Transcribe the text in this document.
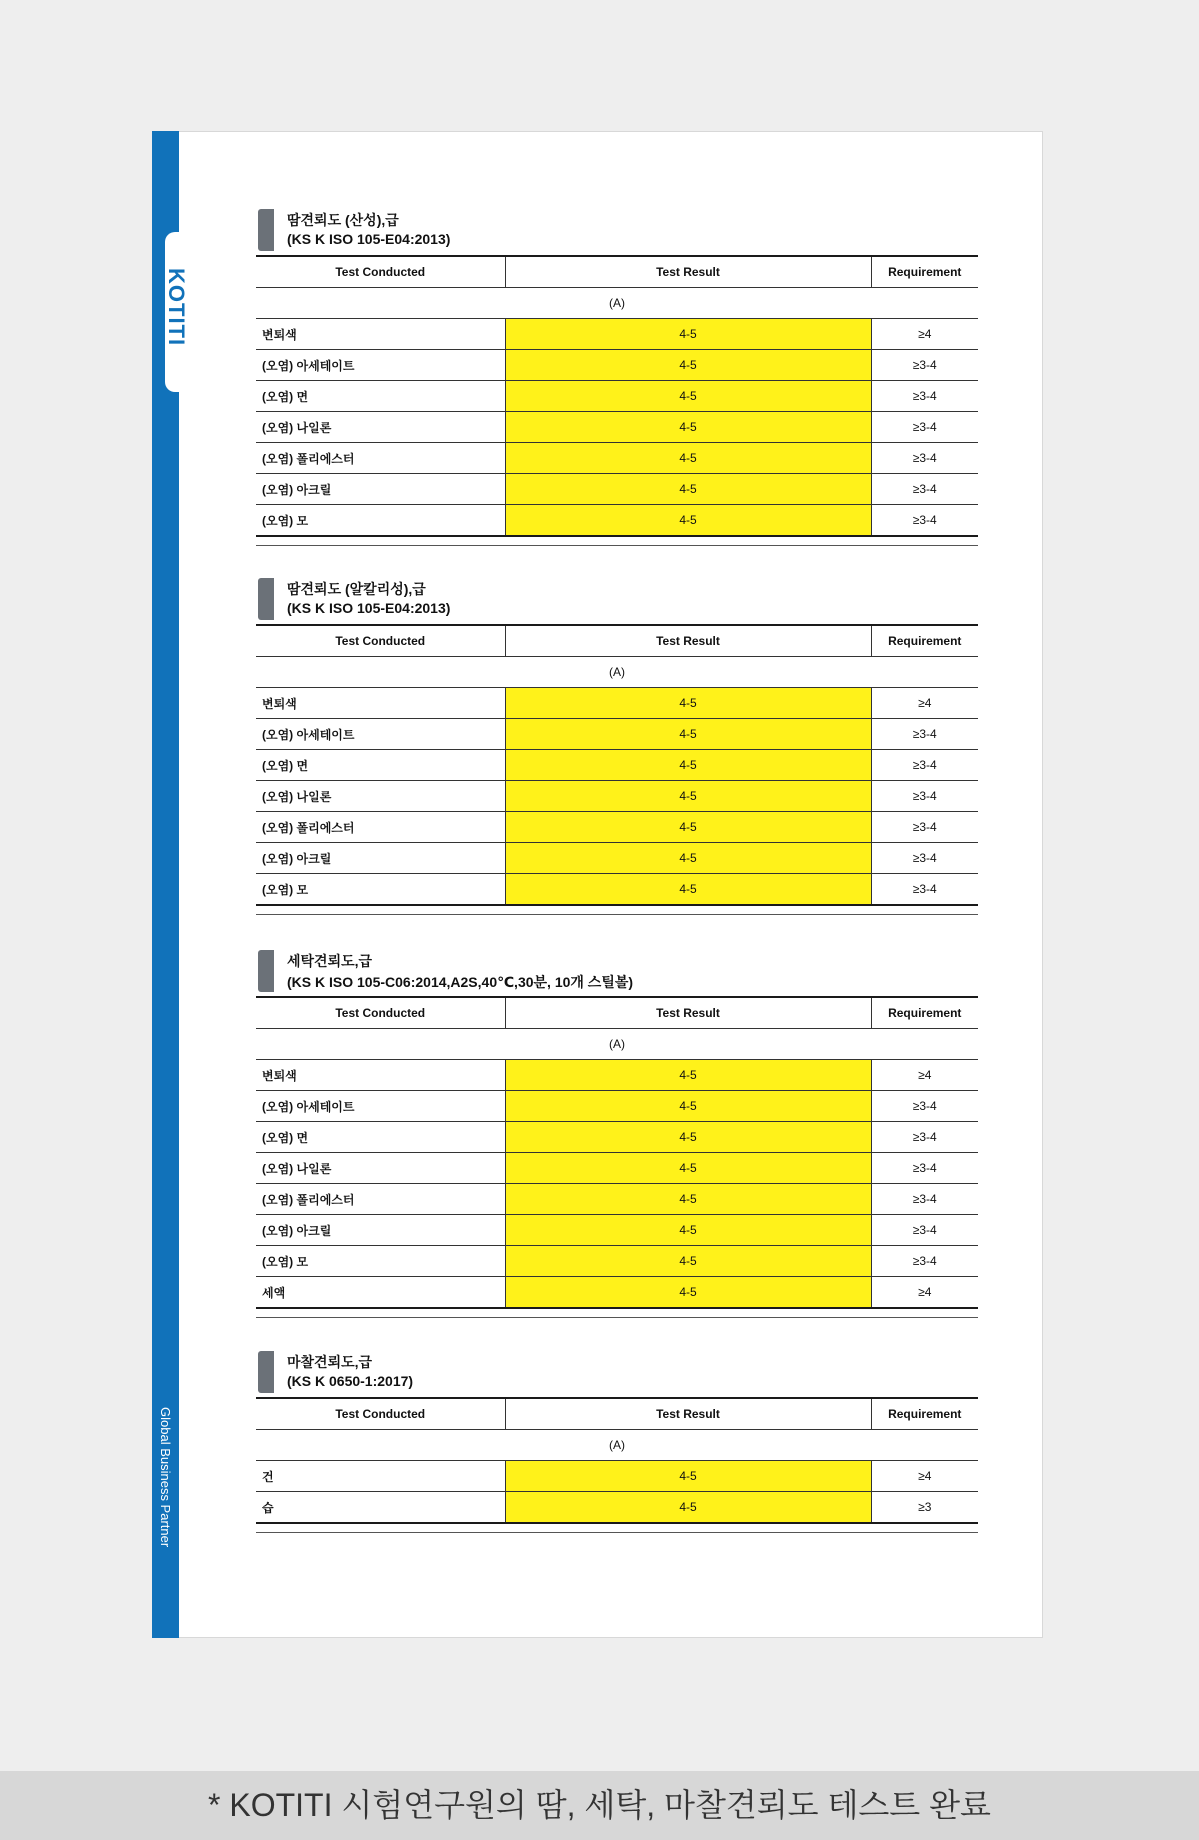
KOTITI
Global Business Partner
땀견뢰도 (산성),급
(KS K ISO 105-E04:2013)
Test Conducted	Test Result	Requirement
(A)		
변퇴색	4-5	≥4
(오염) 아세테이트	4-5	≥3-4
(오염) 면	4-5	≥3-4
(오염) 나일론	4-5	≥3-4
(오염) 폴리에스터	4-5	≥3-4
(오염) 아크릴	4-5	≥3-4
(오염) 모	4-5	≥3-4
땀견뢰도 (알칼리성),급
(KS K ISO 105-E04:2013)
Test Conducted	Test Result	Requirement
(A)		
변퇴색	4-5	≥4
(오염) 아세테이트	4-5	≥3-4
(오염) 면	4-5	≥3-4
(오염) 나일론	4-5	≥3-4
(오염) 폴리에스터	4-5	≥3-4
(오염) 아크릴	4-5	≥3-4
(오염) 모	4-5	≥3-4
세탁견뢰도,급
(KS K ISO 105-C06:2014,A2S,40℃,30분, 10개 스틸볼)
Test Conducted	Test Result	Requirement
(A)		
변퇴색	4-5	≥4
(오염) 아세테이트	4-5	≥3-4
(오염) 면	4-5	≥3-4
(오염) 나일론	4-5	≥3-4
(오염) 폴리에스터	4-5	≥3-4
(오염) 아크릴	4-5	≥3-4
(오염) 모	4-5	≥3-4
세액	4-5	≥4
마찰견뢰도,급
(KS K 0650-1:2017)
Test Conducted	Test Result	Requirement
(A)		
건	4-5	≥4
습	4-5	≥3
* KOTITI 시험연구원의 땀, 세탁, 마찰견뢰도 테스트 완료
